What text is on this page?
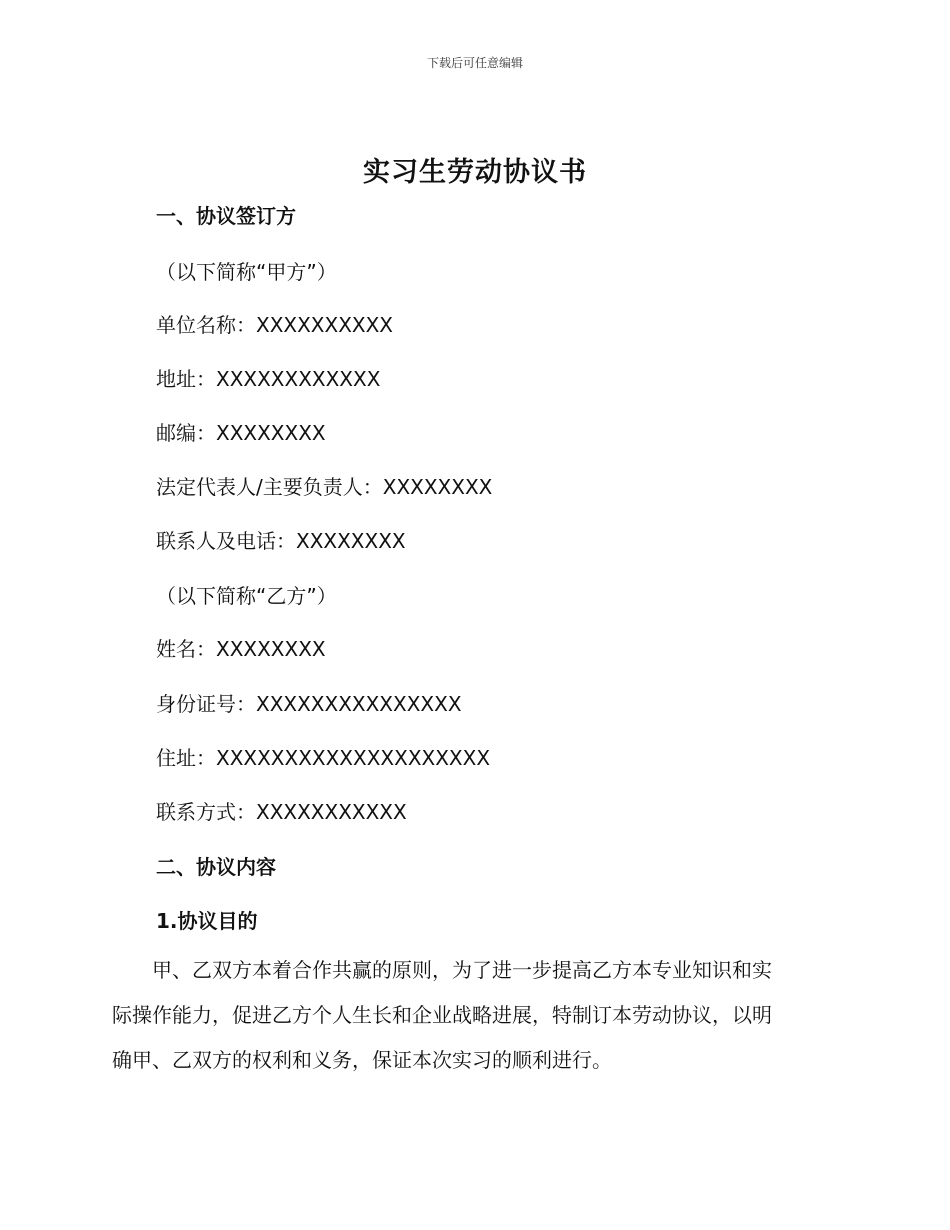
下载后可任意编辑
实习生劳动协议书
一、协议签订方
（以下简称“甲方”）
单位名称：XXXXXXXXXX
地址：XXXXXXXXXXXX
邮编：XXXXXXXX
法定代表人/主要负责人：XXXXXXXX
联系人及电话：XXXXXXXX
（以下简称“乙方”）
姓名：XXXXXXXX
身份证号：XXXXXXXXXXXXXXX
住址：XXXXXXXXXXXXXXXXXXXX
联系方式：XXXXXXXXXXX
二、协议内容
1.协议目的
　　甲、乙双方本着合作共赢的原则，为了进一步提高乙方本专业知识和实
际操作能力，促进乙方个人生长和企业战略进展，特制订本劳动协议，以明
确甲、乙双方的权利和义务，保证本次实习的顺利进行。
